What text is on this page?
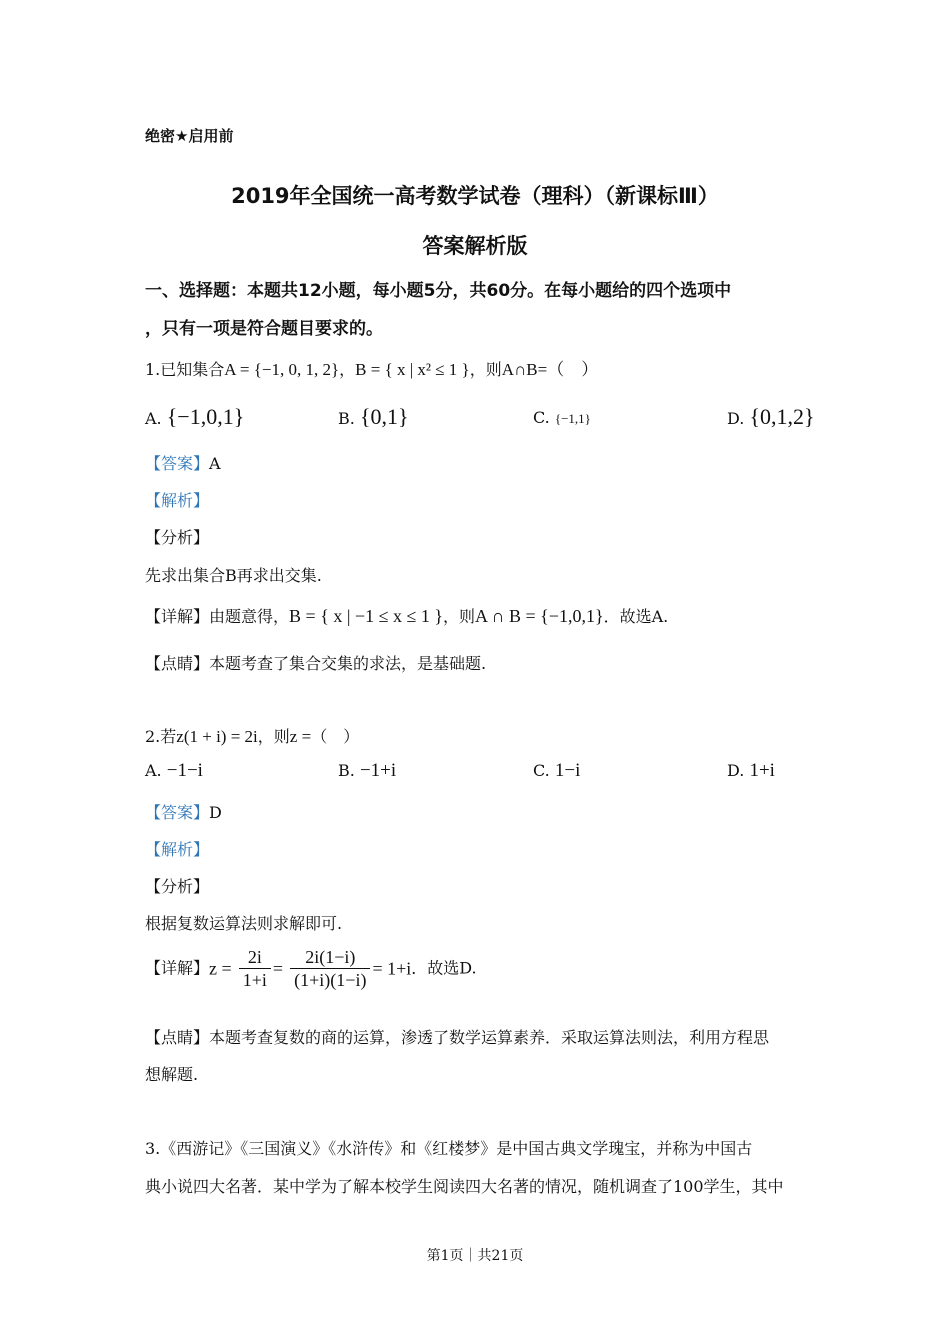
绝密★启用前
2019年全国统一高考数学试卷（理科）（新课标Ⅲ）
答案解析版
一、选择题：本题共12小题，每小题5分，共60分。在每小题给的四个选项中
，只有一项是符合题目要求的。
1.已知集合A = {−1, 0, 1, 2}，B = { x | x² ≤ 1 }，则A∩B=（　）
A. {−1,0,1}	B. {0,1}	C. {−1,1}	D. {0,1,2}
【答案】A
【解析】
【分析】
先求出集合B再求出交集.
【详解】由题意得，B = { x | −1 ≤ x ≤ 1 }，则A ∩ B = {−1,0,1}．故选A.
【点睛】本题考查了集合交集的求法，是基础题.
2.若z(1 + i) = 2i，则z =（　）
A. −1−i	B. −1+i	C. 1−i	D. 1+i
【答案】D
【解析】
【分析】
根据复数运算法则求解即可.
【详解】$z = \frac{2i}{1+i} = \frac{2i(1-i)}{(1+i)(1-i)} = 1+i$．故选D.
【点睛】本题考查复数的商的运算，渗透了数学运算素养．采取运算法则法，利用方程思
想解题.
3.《西游记》《三国演义》《水浒传》和《红楼梦》是中国古典文学瑰宝，并称为中国古
典小说四大名著．某中学为了解本校学生阅读四大名著的情况，随机调查了100学生，其中
第1页｜共21页
